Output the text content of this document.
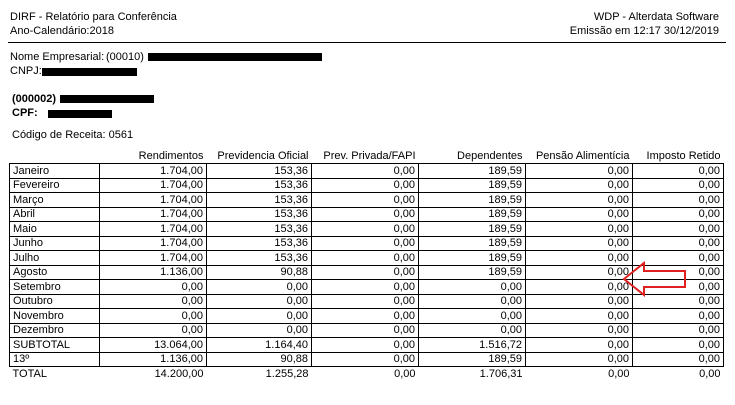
DIRF - Relatório para Conferência
Ano-Calendário:2018
WDP - Alterdata Software
Emissão em 12:17 30/12/2019
Nome Empresarial: (00010)
CNPJ:
(000002)
CPF:
Código de Receita: 0561
	Rendimentos	Previdencia Oficial	Prev. Privada/FAPI	Dependentes	Pensão Alimentícia	Imposto Retido
Janeiro	1.704,00	153,36	0,00	189,59	0,00	0,00
Fevereiro	1.704,00	153,36	0,00	189,59	0,00	0,00
Março	1.704,00	153,36	0,00	189,59	0,00	0,00
Abril	1.704,00	153,36	0,00	189,59	0,00	0,00
Maio	1.704,00	153,36	0,00	189,59	0,00	0,00
Junho	1.704,00	153,36	0,00	189,59	0,00	0,00
Julho	1.704,00	153,36	0,00	189,59	0,00	0,00
Agosto	1.136,00	90,88	0,00	189,59	0,00	0,00
Setembro	0,00	0,00	0,00	0,00	0,00	0,00
Outubro	0,00	0,00	0,00	0,00	0,00	0,00
Novembro	0,00	0,00	0,00	0,00	0,00	0,00
Dezembro	0,00	0,00	0,00	0,00	0,00	0,00
SUBTOTAL	13.064,00	1.164,40	0,00	1.516,72	0,00	0,00
13º	1.136,00	90,88	0,00	189,59	0,00	0,00
TOTAL	14.200,00	1.255,28	0,00	1.706,31	0,00	0,00
